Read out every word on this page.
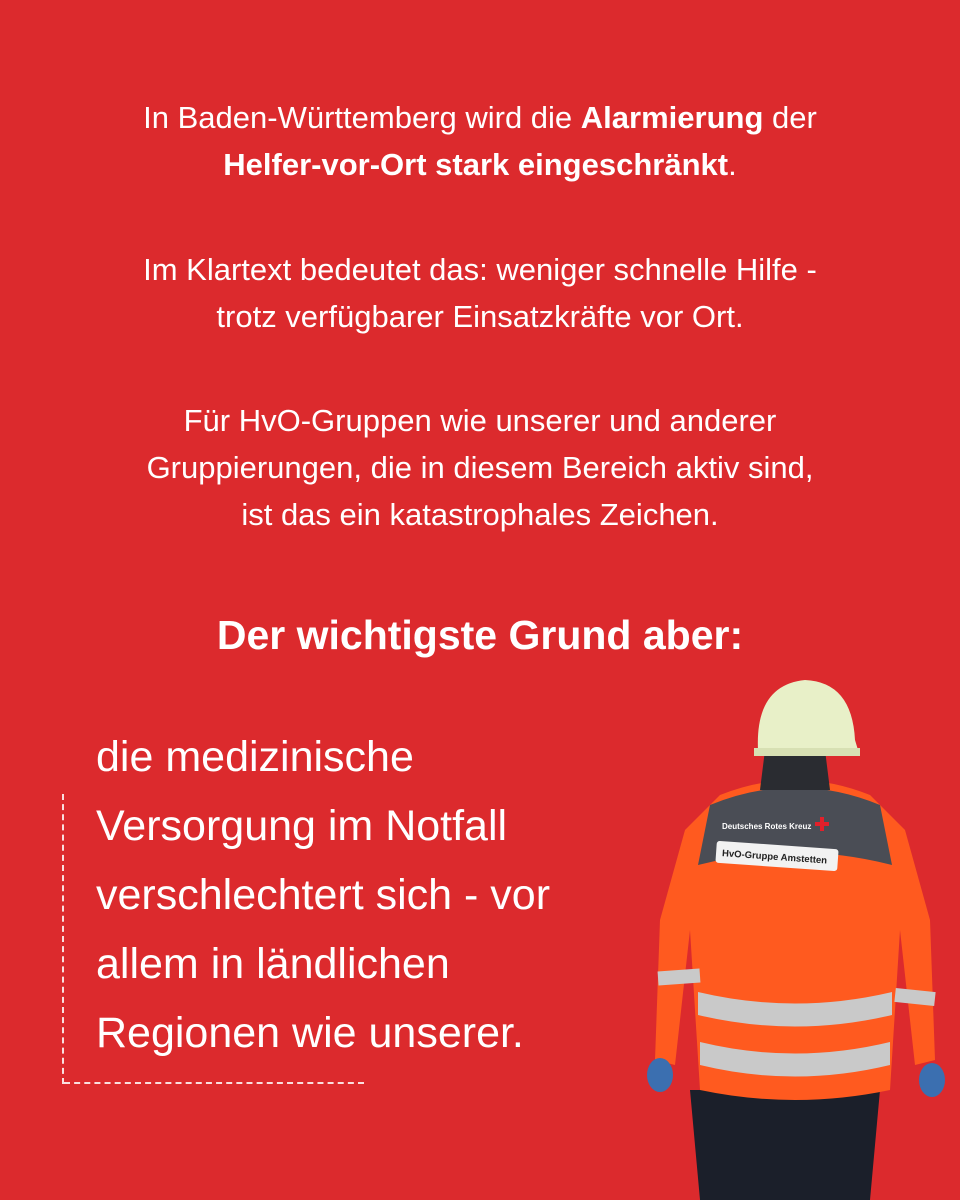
In Baden-Württemberg wird die Alarmierung der
Helfer-vor-Ort stark eingeschränkt.
Im Klartext bedeutet das: weniger schnelle Hilfe -
trotz verfügbarer Einsatzkräfte vor Ort.
Für HvO-Gruppen wie unserer und anderer
Gruppierungen, die in diesem Bereich aktiv sind,
ist das ein katastrophales Zeichen.
Der wichtigste Grund aber:
die medizinische
Versorgung im Notfall
verschlechtert sich - vor
allem in ländlichen
Regionen wie unserer.
Deutsches Rotes Kreuz
HvO-Gruppe Amstetten
